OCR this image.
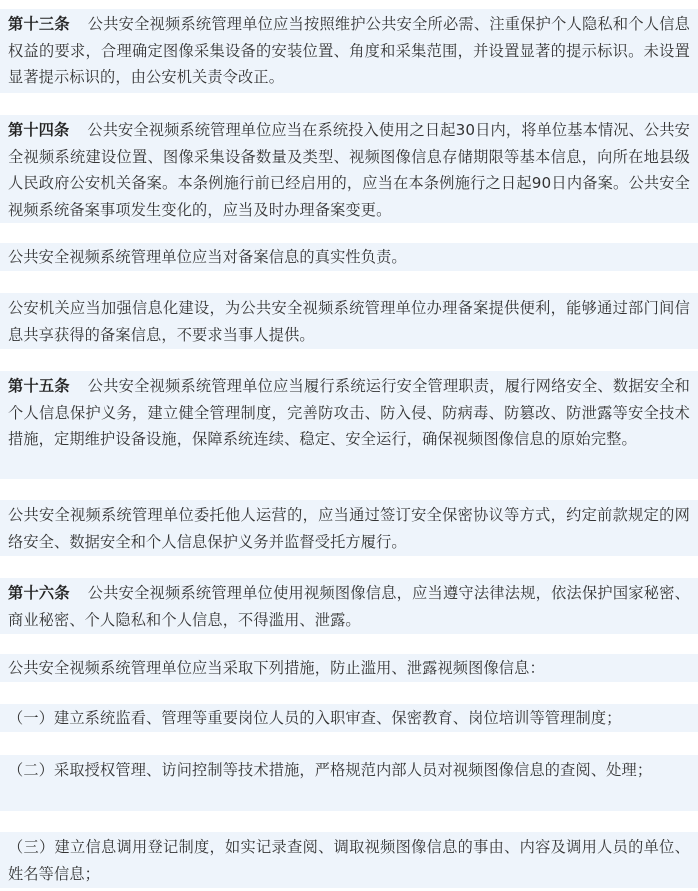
第十三条 公共安全视频系统管理单位应当按照维护公共安全所必需、注重保护个人隐私和个人信息权益的要求，合理确定图像采集设备的安装位置、角度和采集范围，并设置显著的提示标识。未设置显著提示标识的，由公安机关责令改正。
第十四条 公共安全视频系统管理单位应当在系统投入使用之日起30日内，将单位基本情况、公共安全视频系统建设位置、图像采集设备数量及类型、视频图像信息存储期限等基本信息，向所在地县级人民政府公安机关备案。本条例施行前已经启用的，应当在本条例施行之日起90日内备案。公共安全视频系统备案事项发生变化的，应当及时办理备案变更。
公共安全视频系统管理单位应当对备案信息的真实性负责。
公安机关应当加强信息化建设，为公共安全视频系统管理单位办理备案提供便利，能够通过部门间信息共享获得的备案信息，不要求当事人提供。
第十五条 公共安全视频系统管理单位应当履行系统运行安全管理职责，履行网络安全、数据安全和个人信息保护义务，建立健全管理制度，完善防攻击、防入侵、防病毒、防篡改、防泄露等安全技术措施，定期维护设备设施，保障系统连续、稳定、安全运行，确保视频图像信息的原始完整。
公共安全视频系统管理单位委托他人运营的，应当通过签订安全保密协议等方式，约定前款规定的网络安全、数据安全和个人信息保护义务并监督受托方履行。
第十六条 公共安全视频系统管理单位使用视频图像信息，应当遵守法律法规，依法保护国家秘密、商业秘密、个人隐私和个人信息，不得滥用、泄露。
公共安全视频系统管理单位应当采取下列措施，防止滥用、泄露视频图像信息：
（一）建立系统监看、管理等重要岗位人员的入职审查、保密教育、岗位培训等管理制度；
（二）采取授权管理、访问控制等技术措施，严格规范内部人员对视频图像信息的查阅、处理；
（三）建立信息调用登记制度，如实记录查阅、调取视频图像信息的事由、内容及调用人员的单位、姓名等信息；
